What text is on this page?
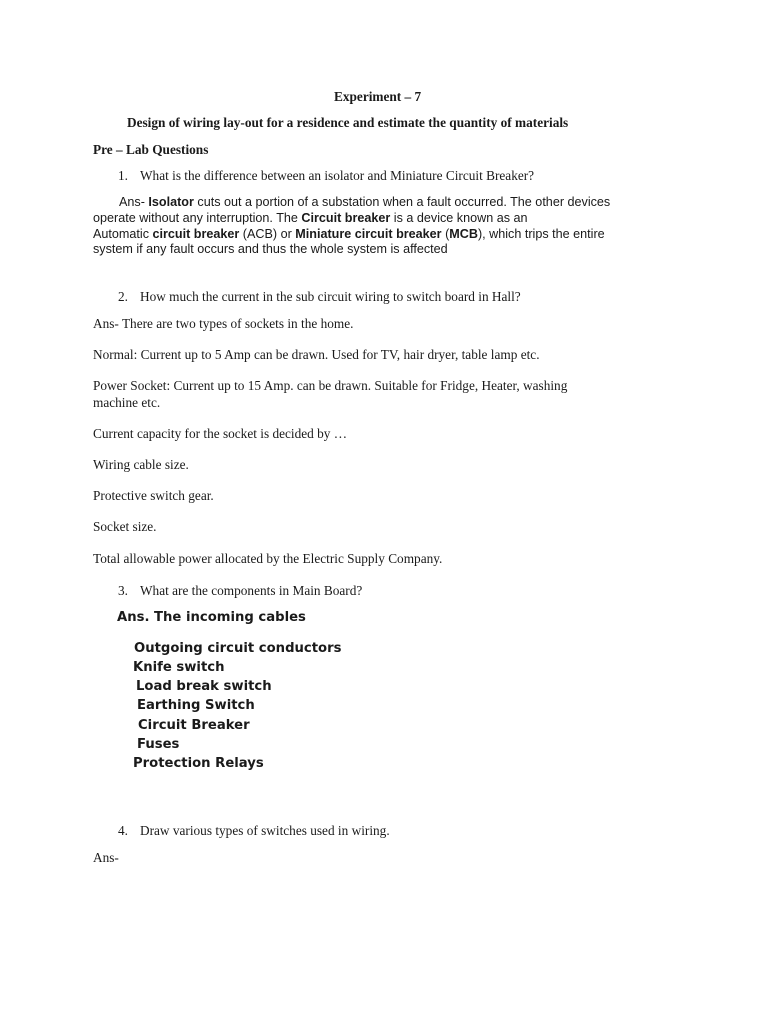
Experiment – 7
Design of wiring lay-out for a residence and estimate the quantity of materials
Pre – Lab Questions
1. What is the difference between an isolator and Miniature Circuit Breaker?
Ans- Isolator cuts out a portion of a substation when a fault occurred. The other devices
operate without any interruption. The Circuit breaker is a device known as an
Automatic circuit breaker (ACB) or Miniature circuit breaker (MCB), which trips the entire
system if any fault occurs and thus the whole system is affected
2. How much the current in the sub circuit wiring to switch board in Hall?
Ans- There are two types of sockets in the home.
Normal: Current up to 5 Amp can be drawn. Used for TV, hair dryer, table lamp etc.
Power Socket: Current up to 15 Amp. can be drawn. Suitable for Fridge, Heater, washing
machine etc.
Current capacity for the socket is decided by …
Wiring cable size.
Protective switch gear.
Socket size.
Total allowable power allocated by the Electric Supply Company.
3. What are the components in Main Board?
Ans. The incoming cables
Outgoing circuit conductors
Knife switch
Load break switch
Earthing Switch
Circuit Breaker
Fuses
Protection Relays
4. Draw various types of switches used in wiring.
Ans-
